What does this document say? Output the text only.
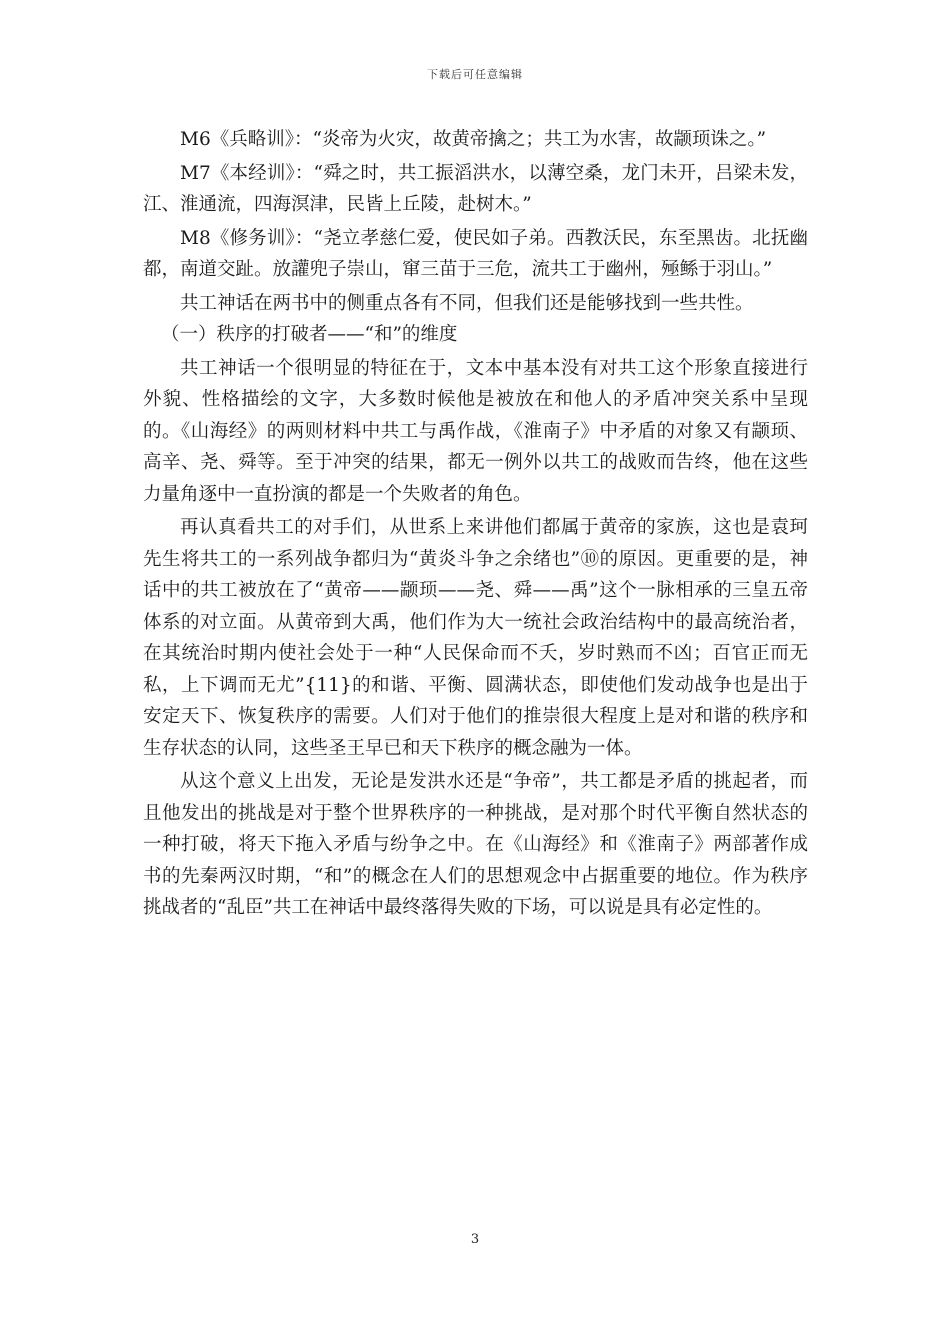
下载后可任意编辑

M6《兵略训》：“炎帝为火灾，故黄帝擒之；共工为水害，故颛顼诛之。”

M7《本经训》：“舜之时，共工振滔洪水，以薄空桑，龙门未开，吕梁未发，江、淮通流，四海溟津，民皆上丘陵，赴树木。”

M8《修务训》：“尧立孝慈仁爱，使民如子弟。西教沃民，东至黑齿。北抚幽都，南道交趾。放讙兜子崇山，窜三苗于三危，流共工于幽州，殛鲧于羽山。”

共工神话在两书中的侧重点各有不同，但我们还是能够找到一些共性。

（一）秩序的打破者——“和”的维度

共工神话一个很明显的特征在于，文本中基本没有对共工这个形象直接进行外貌、性格描绘的文字，大多数时候他是被放在和他人的矛盾冲突关系中呈现的。《山海经》的两则材料中共工与禹作战，《淮南子》中矛盾的对象又有颛顼、高辛、尧、舜等。至于冲突的结果，都无一例外以共工的战败而告终，他在这些力量角逐中一直扮演的都是一个失败者的角色。

再认真看共工的对手们，从世系上来讲他们都属于黄帝的家族，这也是袁珂先生将共工的一系列战争都归为“黄炎斗争之余绪也”⑩的原因。更重要的是，神话中的共工被放在了“黄帝——颛顼——尧、舜——禹”这个一脉相承的三皇五帝体系的对立面。从黄帝到大禹，他们作为大一统社会政治结构中的最高统治者，在其统治时期内使社会处于一种“人民保命而不夭，岁时熟而不凶；百官正而无私，上下调而无尤”{11}的和谐、平衡、圆满状态，即使他们发动战争也是出于安定天下、恢复秩序的需要。人们对于他们的推崇很大程度上是对和谐的秩序和生存状态的认同，这些圣王早已和天下秩序的概念融为一体。

从这个意义上出发，无论是发洪水还是“争帝”，共工都是矛盾的挑起者，而且他发出的挑战是对于整个世界秩序的一种挑战，是对那个时代平衡自然状态的一种打破，将天下拖入矛盾与纷争之中。在《山海经》和《淮南子》两部著作成书的先秦两汉时期，“和”的概念在人们的思想观念中占据重要的地位。作为秩序挑战者的“乱臣”共工在神话中最终落得失败的下场，可以说是具有必定性的。

3
